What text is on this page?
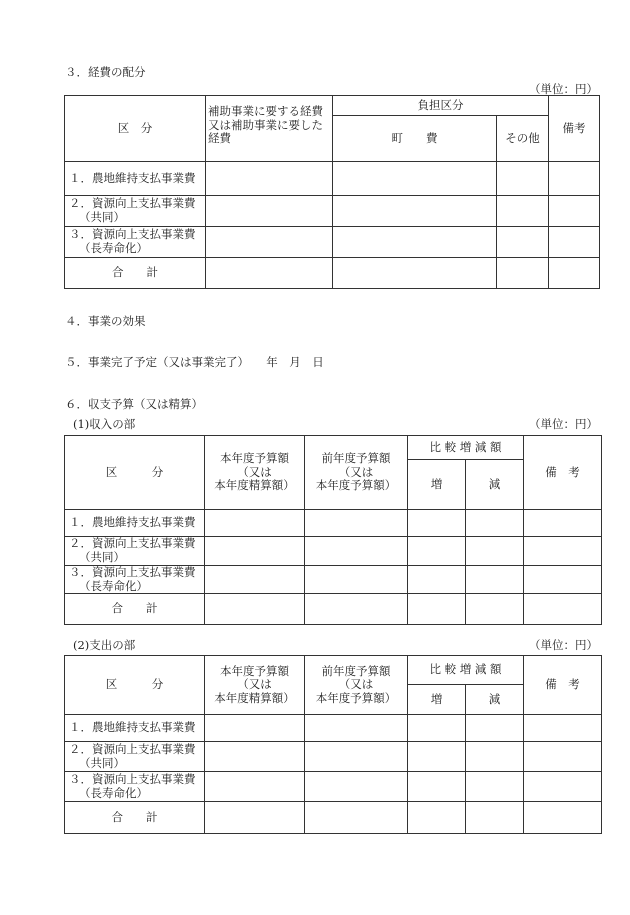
３．経費の配分
（単位：円）
区　分	補助事業に要する経費又は補助事業に要した経費	負担区分		備考
		町　　費	その他	

１．農地維持支払事業費				

２．資源向上支払事業費
（共同）				

３．資源向上支払事業費
（長寿命化）				

合　　計				
４．事業の効果
５．事業完了予定（又は事業完了）　　年　月　日
６．収支予算（又は精算）
(1)収入の部	（単位：円）
区　　　分	本年度予算額
（又は
本年度精算額）	前年度予算額
（又は
本年度予算額）	比 較 増 減 額		備　考
			増	減	

１．農地維持支払事業費					

２．資源向上支払事業費
（共同）					

３．資源向上支払事業費
（長寿命化）					

合　　計					
(2)支出の部	（単位：円）
区　　　分	本年度予算額
（又は
本年度精算額）	前年度予算額
（又は
本年度予算額）	比 較 増 減 額		備　考
			増	減	

１．農地維持支払事業費					

２．資源向上支払事業費
（共同）					

３．資源向上支払事業費
（長寿命化）					

合　　計					
